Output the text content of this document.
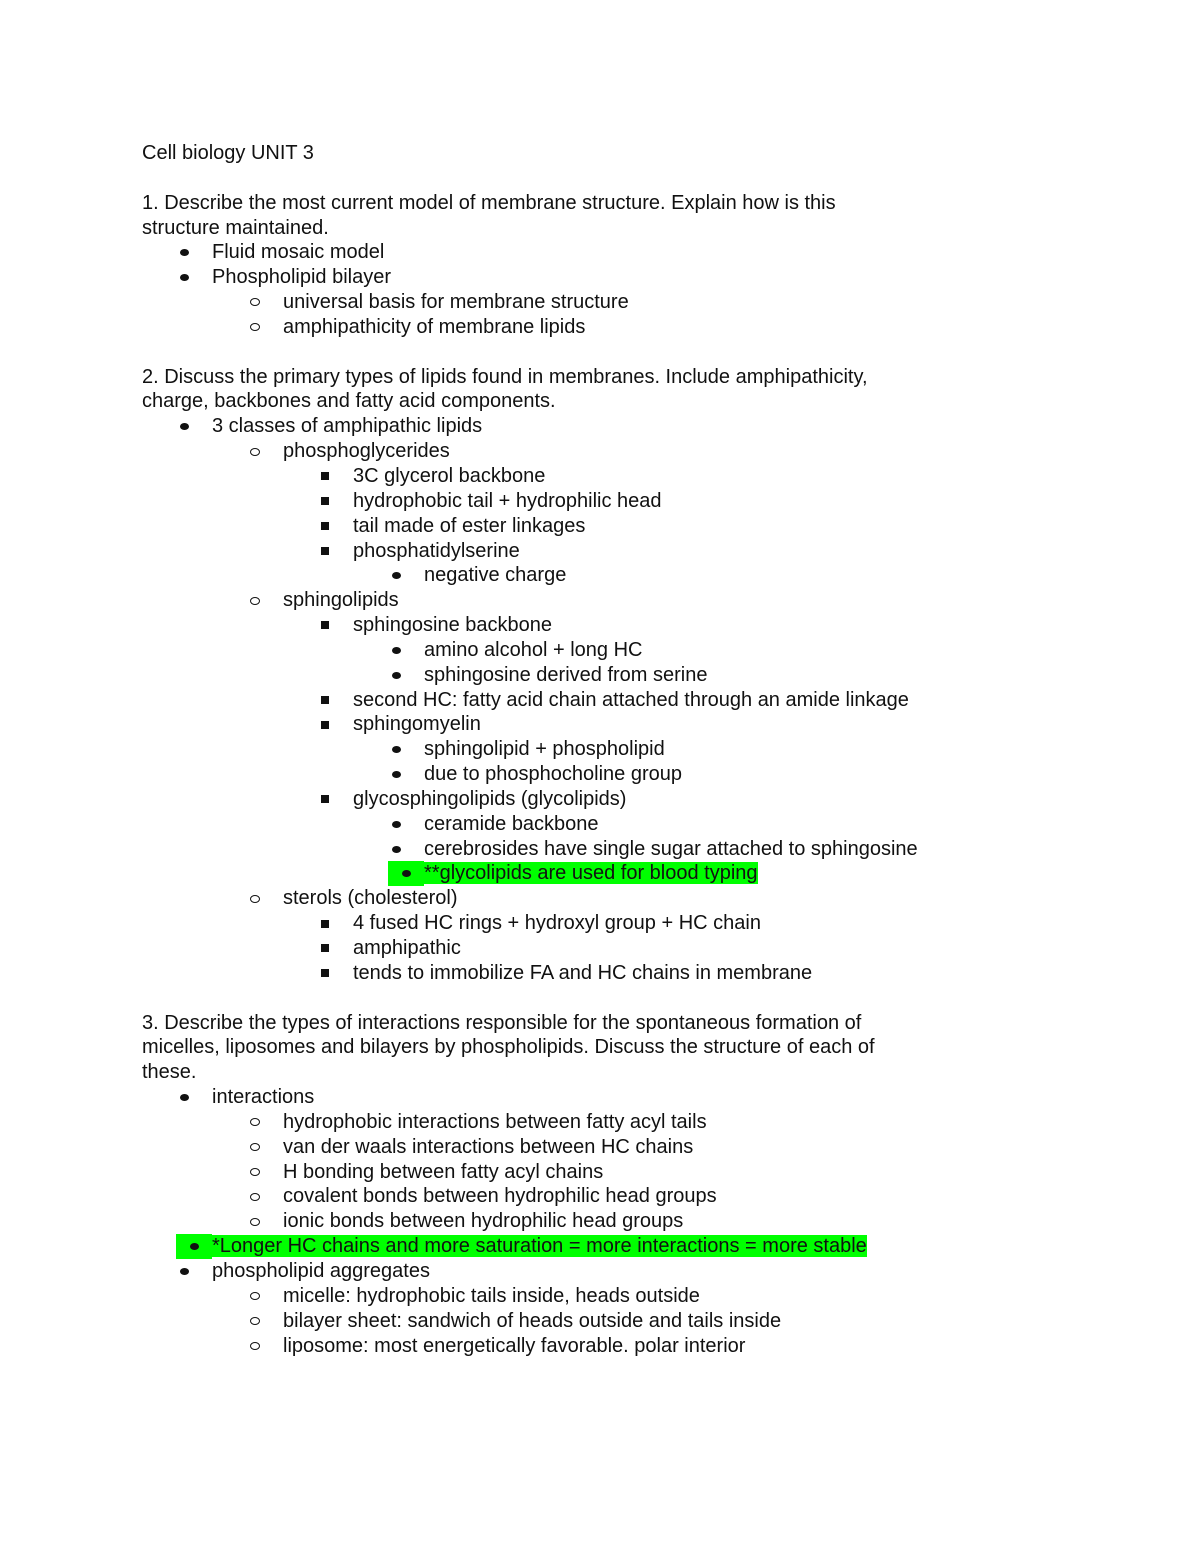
Cell biology UNIT 3

1. Describe the most current model of membrane structure. Explain how is this structure maintained.

Fluid mosaic model
Phospholipid bilayer
universal basis for membrane structure
amphipathicity of membrane lipids

2. Discuss the primary types of lipids found in membranes. Include amphipathicity, charge, backbones and fatty acid components.

3 classes of amphipathic lipids
phosphoglycerides
3C glycerol backbone
hydrophobic tail + hydrophilic head
tail made of ester linkages
phosphatidylserine
negative charge
sphingolipids
sphingosine backbone
amino alcohol + long HC
sphingosine derived from serine
second HC: fatty acid chain attached through an amide linkage
sphingomyelin
sphingolipid + phospholipid
due to phosphocholine group
glycosphingolipids (glycolipids)
ceramide backbone
cerebrosides have single sugar attached to sphingosine
**glycolipids are used for blood typing
sterols (cholesterol)
4 fused HC rings + hydroxyl group + HC chain
amphipathic
tends to immobilize FA and HC chains in membrane

3. Describe the types of interactions responsible for the spontaneous formation of micelles, liposomes and bilayers by phospholipids. Discuss the structure of each of these.

interactions
hydrophobic interactions between fatty acyl tails
van der waals interactions between HC chains
H bonding between fatty acyl chains
covalent bonds between hydrophilic head groups
ionic bonds between hydrophilic head groups
*Longer HC chains and more saturation = more interactions = more stable
phospholipid aggregates
micelle: hydrophobic tails inside, heads outside
bilayer sheet: sandwich of heads outside and tails inside
liposome: most energetically favorable. polar interior
